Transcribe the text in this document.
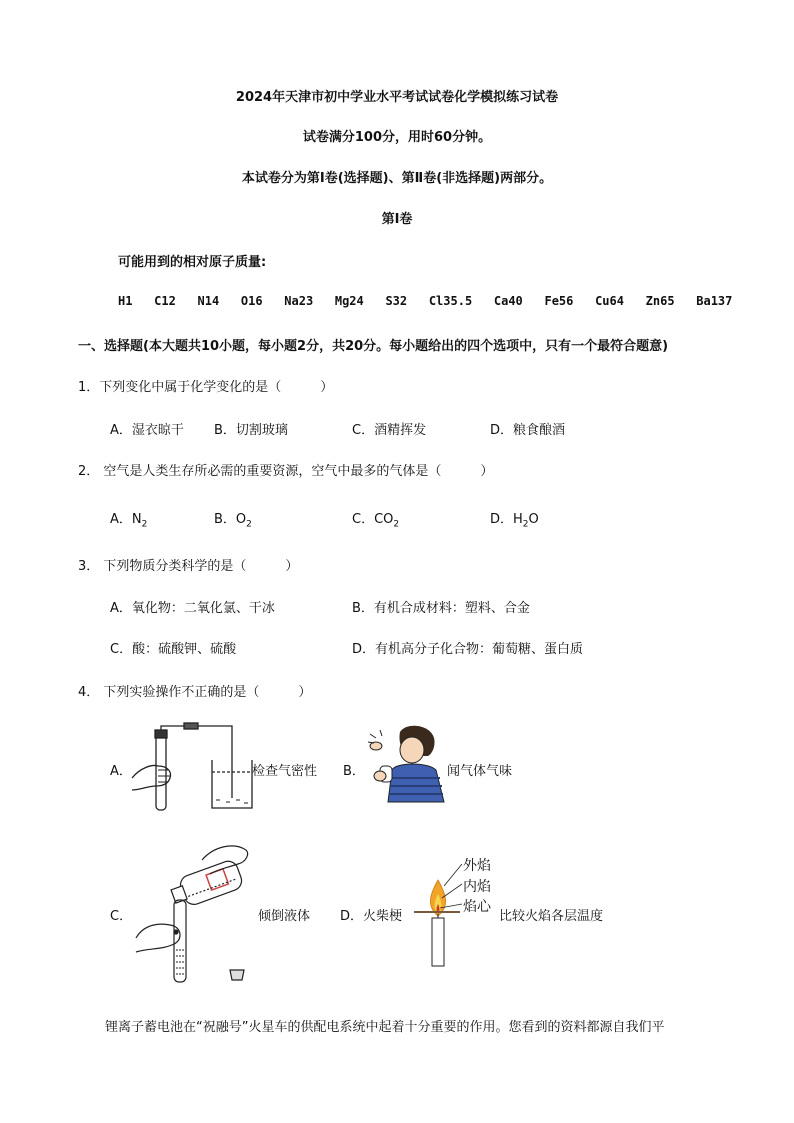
2024年天津市初中学业水平考试试卷化学模拟练习试卷
试卷满分100分，用时60分钟。
本试卷分为第Ⅰ卷(选择题)、第Ⅱ卷(非选择题)两部分。
第Ⅰ卷
可能用到的相对原子质量:
H1 C12 N14 O16 Na23 Mg24 S32 Cl35.5 Ca40 Fe56 Cu64 Zn65 Ba137
一、选择题(本大题共10小题，每小题2分，共20分。每小题给出的四个选项中，只有一个最符合题意)
1．下列变化中属于化学变化的是（　　　）
A．湿衣晾干 B．切割玻璃	C．酒精挥发	D．粮食酿酒
2． 空气是人类生存所必需的重要资源，空气中最多的气体是（　　　）
A．$N_2$	B．$O_2$	C．$CO_2$	D．$H_2O$
3． 下列物质分类科学的是（　　　）
A．氧化物：二氧化氯、干冰	B．有机合成材料：塑料、合金
C．酸：硫酸钾、硫酸	D．有机高分子化合物：葡萄糖、蛋白质
4． 下列实验操作不正确的是（　　　）
A．	检查气密性 B．	闻气体气味
C．	倾倒液体 D．火柴梗
外焰
内焰
焰心
比较火焰各层温度
锂离子蓄电池在“祝融号”火星车的供配电系统中起着十分重要的作用。您看到的资料都源自我们平
